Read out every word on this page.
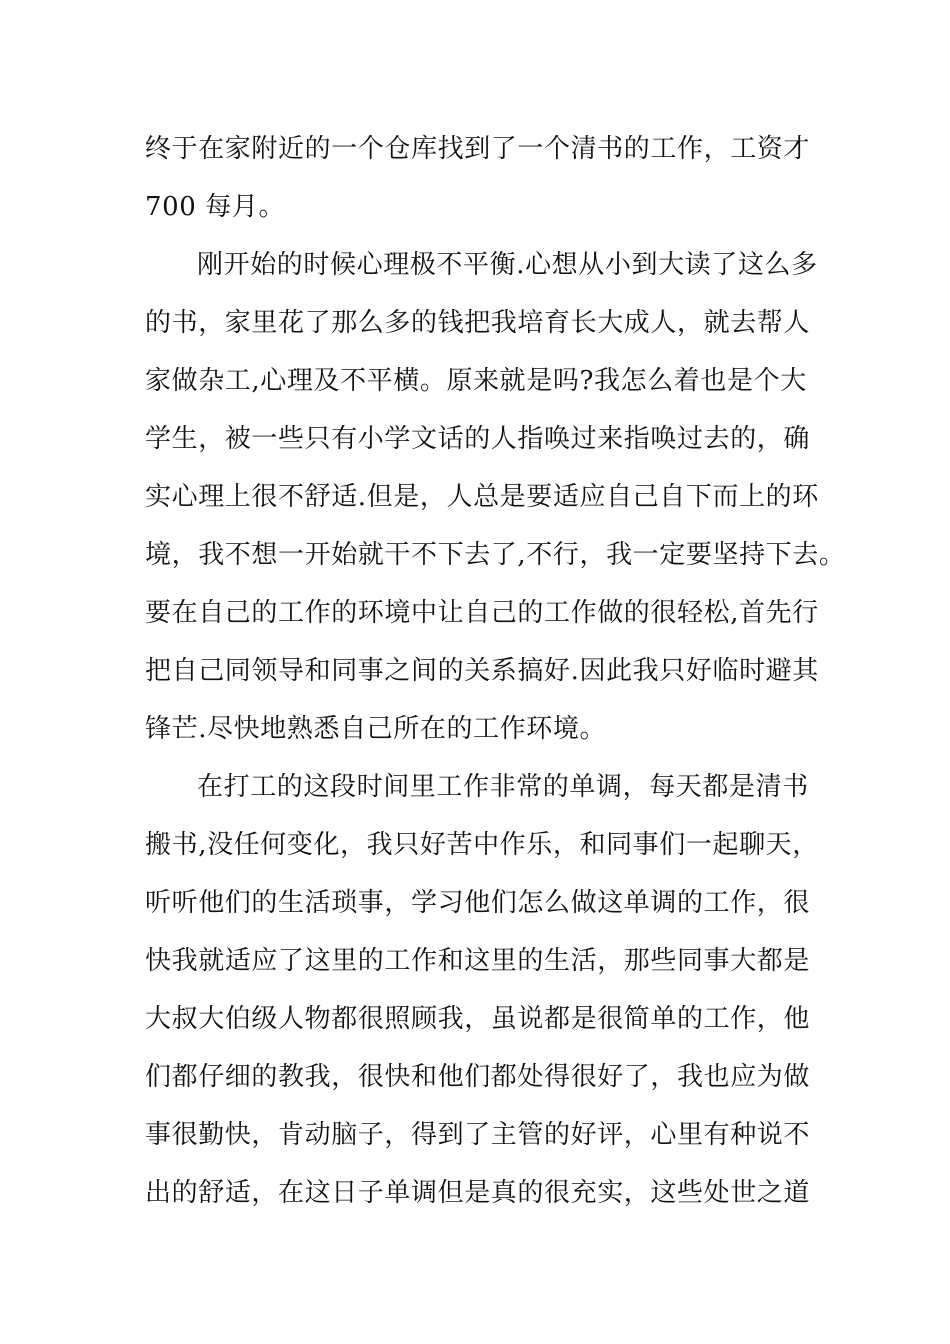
终于在家附近的一个仓库找到了一个清书的工作，工资才
700 每月。
刚开始的时候心理极不平衡.心想从小到大读了这么多
的书，家里花了那么多的钱把我培育长大成人，就去帮人
家做杂工,心理及不平横。原来就是吗?我怎么着也是个大
学生，被一些只有小学文话的人指唤过来指唤过去的，确
实心理上很不舒适.但是，人总是要适应自己自下而上的环
境，我不想一开始就干不下去了,不行，我一定要坚持下去。
要在自己的工作的环境中让自己的工作做的很轻松,首先行
把自己同领导和同事之间的关系搞好.因此我只好临时避其
锋芒.尽快地熟悉自己所在的工作环境。
在打工的这段时间里工作非常的单调，每天都是清书
搬书,没任何变化，我只好苦中作乐，和同事们一起聊天，
听听他们的生活琐事，学习他们怎么做这单调的工作，很
快我就适应了这里的工作和这里的生活，那些同事大都是
大叔大伯级人物都很照顾我，虽说都是很简单的工作，他
们都仔细的教我，很快和他们都处得很好了，我也应为做
事很勤快，肯动脑子，得到了主管的好评，心里有种说不
出的舒适，在这日子单调但是真的很充实，这些处世之道
